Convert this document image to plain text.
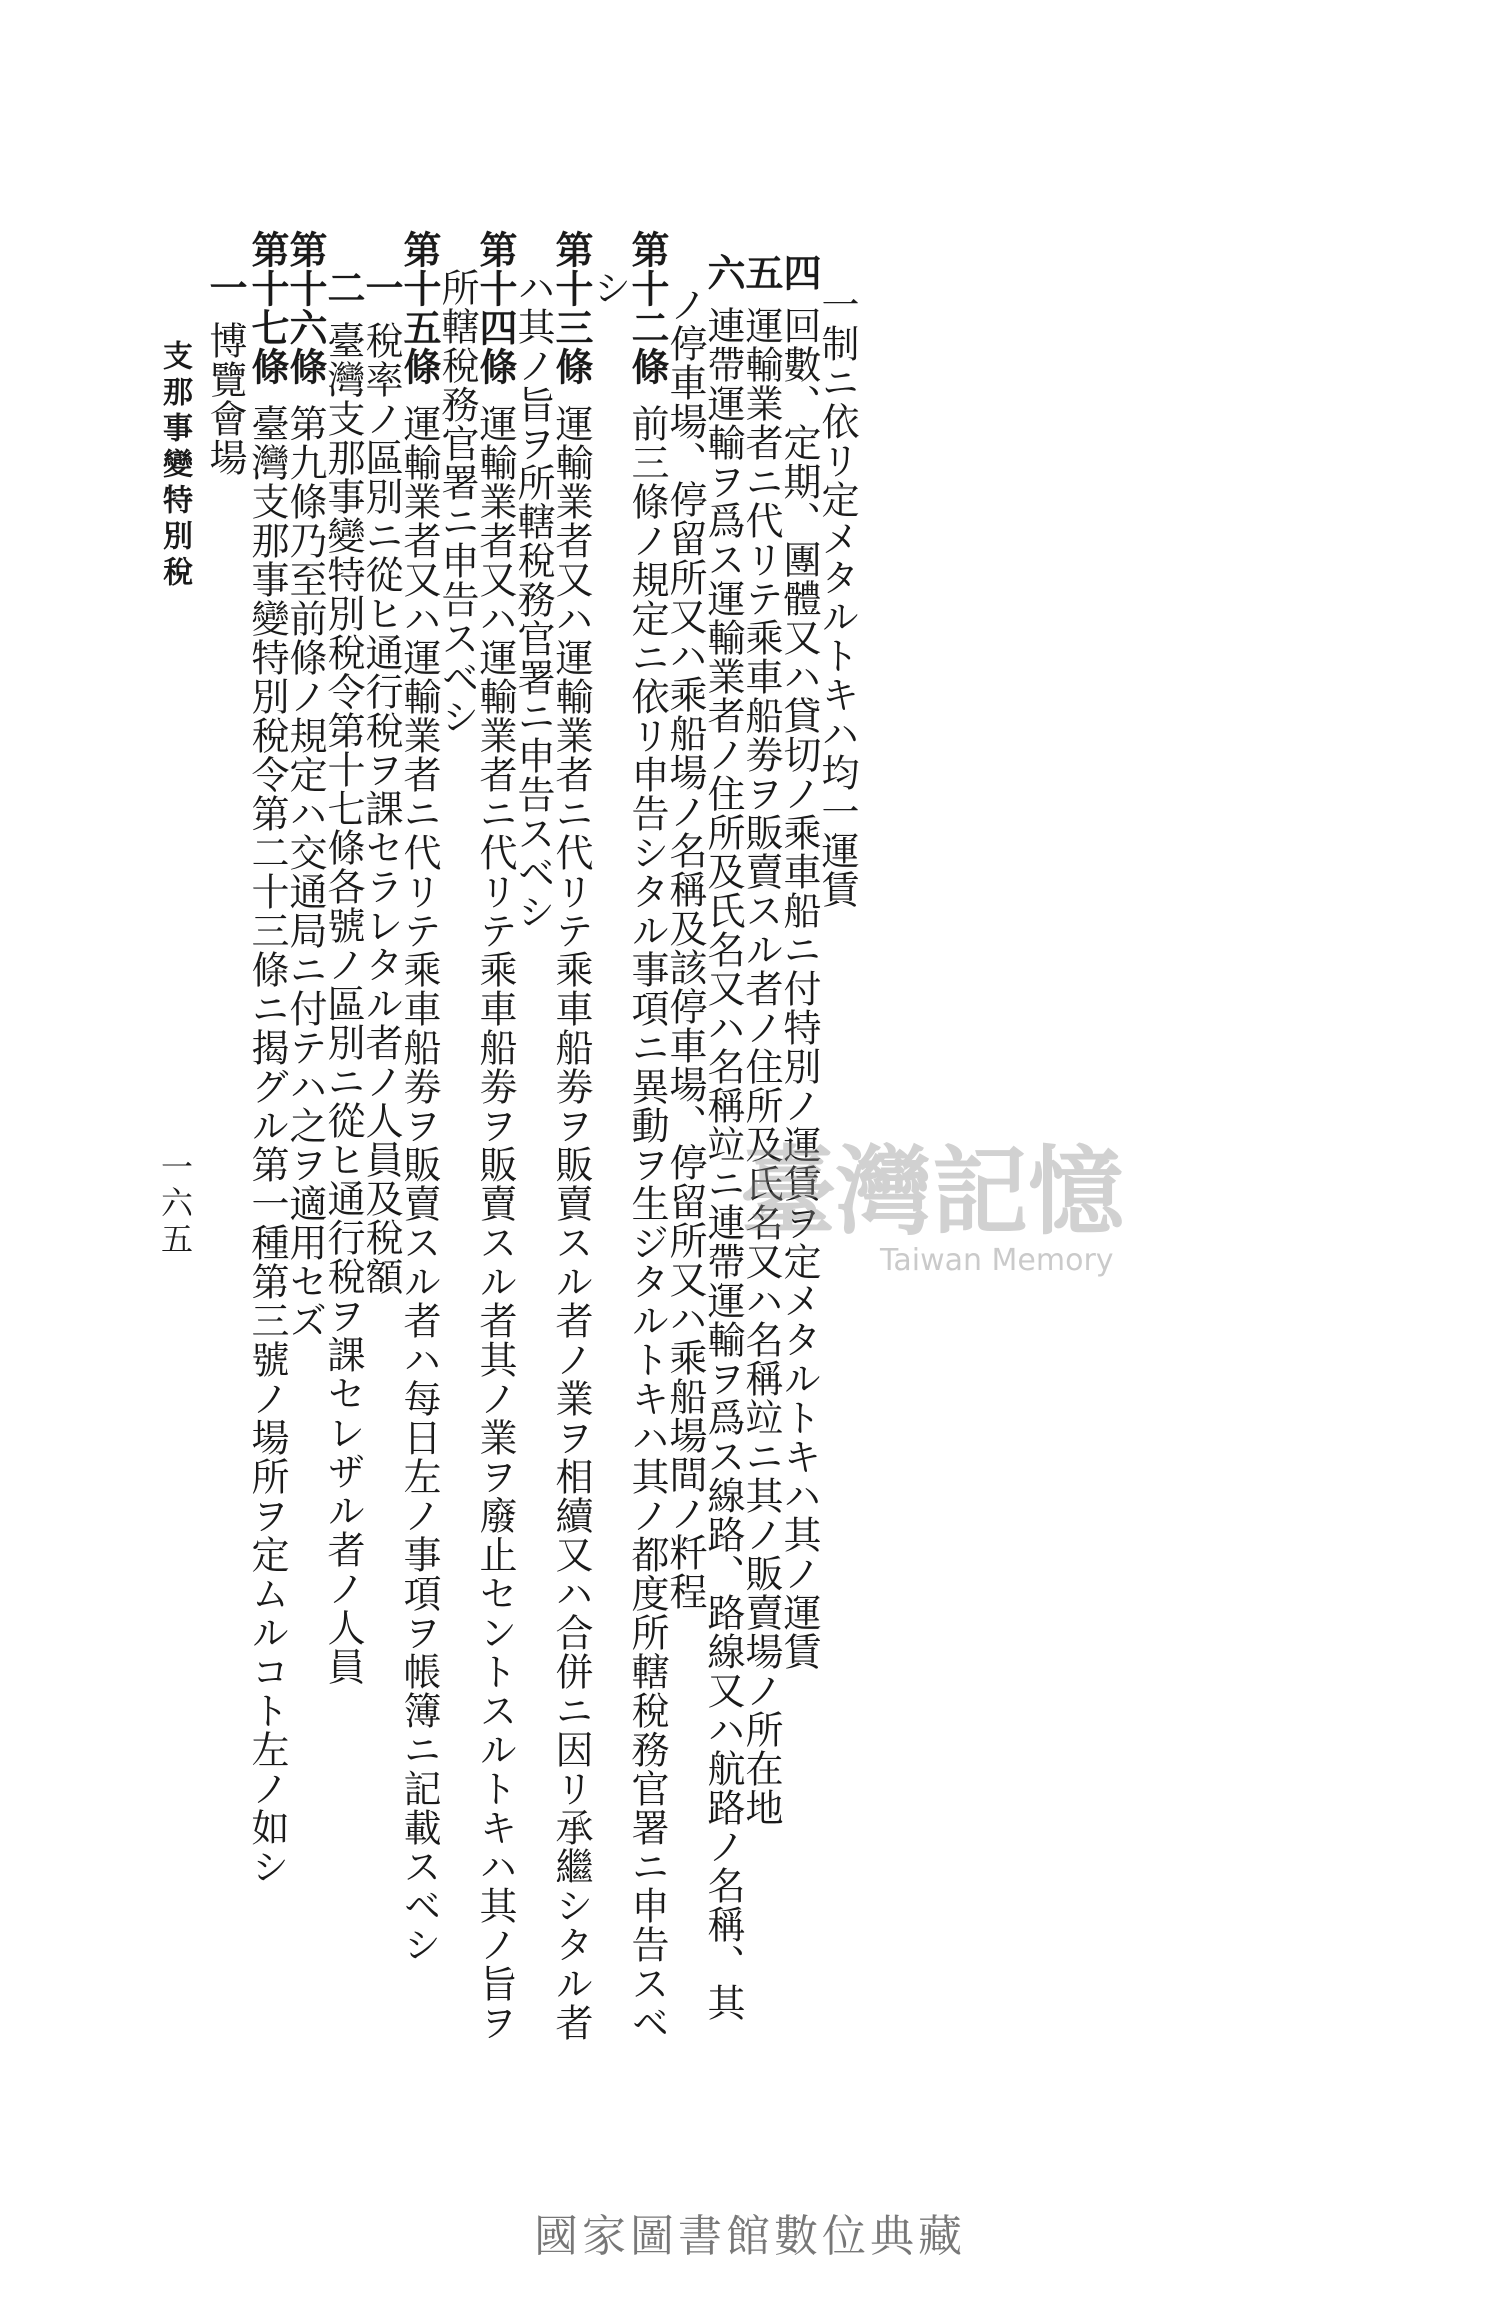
一制ニ依リ定メタルトキハ均一運賃
四回數、定期、團體又ハ貸切ノ乘車船ニ付特別ノ運賃ヲ定メタルトキハ其ノ運賃
五運輸業者ニ代リテ乘車船劵ヲ販賣スル者ノ住所及氏名又ハ名稱竝ニ其ノ販賣場ノ所在地
六連帶運輸ヲ爲ス運輸業者ノ住所及氏名又ハ名稱竝ニ連帶運輸ヲ爲ス線路、路線又ハ航路ノ名稱、其
ノ停車場、停留所又ハ乘船場ノ名稱及該停車場、停留所又ハ乘船場間ノ粁程
第十二條前三條ノ規定ニ依リ申告シタル事項ニ異動ヲ生ジタルトキハ其ノ都度所轄稅務官署ニ申告スベ
シ
第十三條運輸業者又ハ運輸業者ニ代リテ乘車船劵ヲ販賣スル者ノ業ヲ相續又ハ合併ニ因リ承繼シタル者
ハ其ノ旨ヲ所轄稅務官署ニ申告スベシ
第十四條運輸業者又ハ運輸業者ニ代リテ乘車船劵ヲ販賣スル者其ノ業ヲ廢止セントスルトキハ其ノ旨ヲ
所轄稅務官署ニ申告スベシ
第十五條運輸業者又ハ運輸業者ニ代リテ乘車船劵ヲ販賣スル者ハ每日左ノ事項ヲ帳簿ニ記載スベシ
一稅率ノ區別ニ從ヒ通行稅ヲ課セラレタル者ノ人員及稅額
二臺灣支那事變特別稅令第十七條各號ノ區別ニ從ヒ通行稅ヲ課セレザル者ノ人員
第十六條第九條乃至前條ノ規定ハ交通局ニ付テハ之ヲ適用セズ
第十七條臺灣支那事變特別稅令第二十三條ニ揭グル第一種第三號ノ場所ヲ定ムルコト左ノ如シ
一博覽會場
支那事變特別稅
一六五	臺灣記憶
Taiwan Memory
國家圖書館數位典藏
